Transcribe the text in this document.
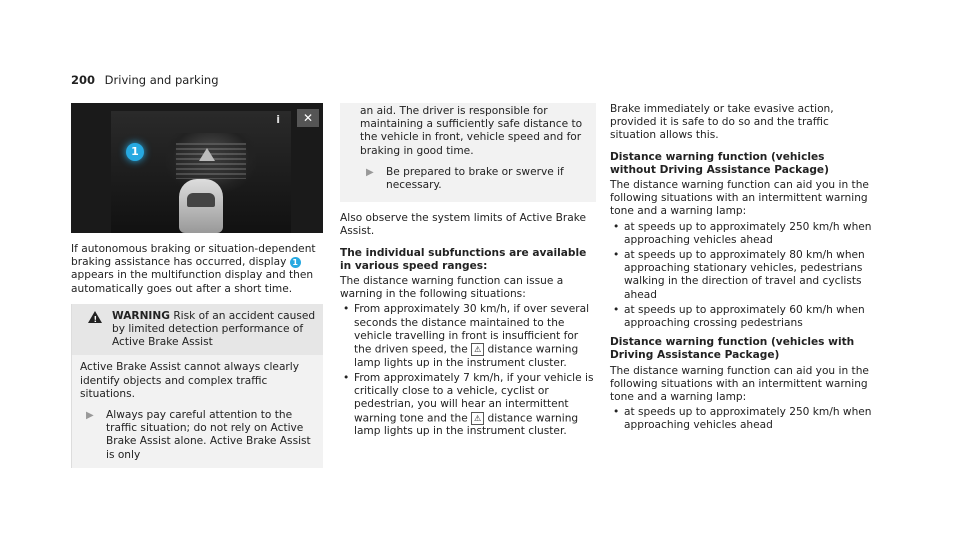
200 Driving and parking
1
i	✕

If autonomous braking or situation-dependent braking assistance has occurred, display 1 appears in the multifunction display and then automatically goes out after a short time.

! WARNING Risk of an accident caused by limited detection performance of Active Brake Assist

Active Brake Assist cannot always clearly identify objects and complex traffic situations.

▶	Always pay careful attention to the traffic situation; do not rely on Active Brake Assist alone. Active Brake Assist is only

an aid. The driver is responsible for maintaining a sufficiently safe distance to the vehicle in front, vehicle speed and for braking in good time.

▶	Be prepared to brake or swerve if necessary.

Also observe the system limits of Active Brake Assist.

The individual subfunctions are available in various speed ranges:

The distance warning function can issue a warning in the following situations:

• From approximately 30 km/h, if over several seconds the distance maintained to the vehicle travelling in front is insufficient for the driven speed, the ⚠ distance warning lamp lights up in the instrument cluster.
• From approximately 7 km/h, if your vehicle is critically close to a vehicle, cyclist or pedestrian, you will hear an intermittent warning tone and the ⚠ distance warning lamp lights up in the instrument cluster.

Brake immediately or take evasive action, provided it is safe to do so and the traffic situation allows this.

Distance warning function (vehicles without Driving Assistance Package)

The distance warning function can aid you in the following situations with an intermittent warning tone and a warning lamp:

• at speeds up to approximately 250 km/h when approaching vehicles ahead
• at speeds up to approximately 80 km/h when approaching stationary vehicles, pedestrians walking in the direction of travel and cyclists ahead
• at speeds up to approximately 60 km/h when approaching crossing pedestrians

Distance warning function (vehicles with Driving Assistance Package)

The distance warning function can aid you in the following situations with an intermittent warning tone and a warning lamp:

• at speeds up to approximately 250 km/h when approaching vehicles ahead
